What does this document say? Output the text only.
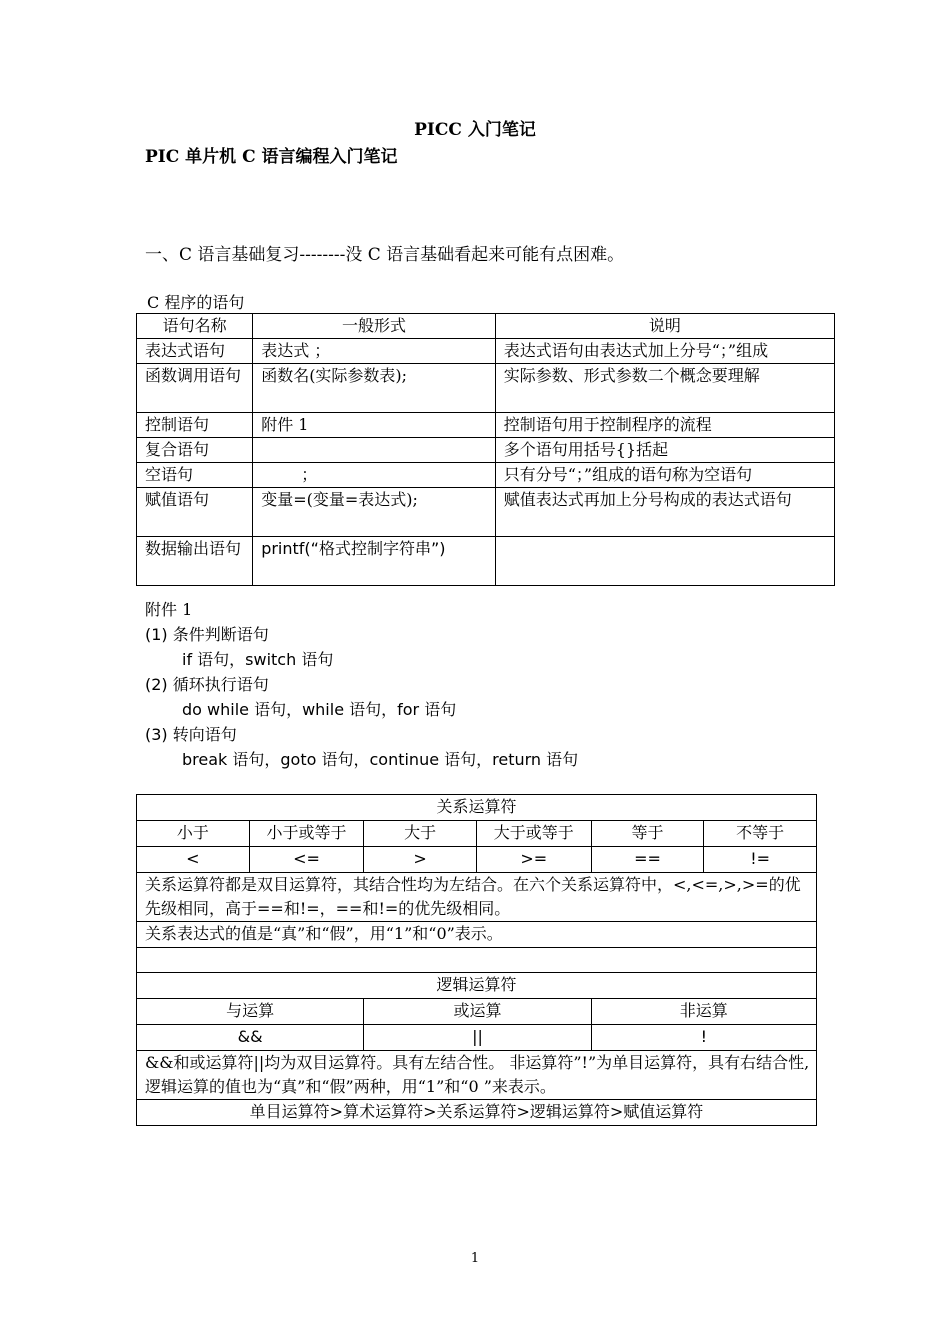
PICC 入门笔记
PIC 单片机 C 语言编程入门笔记
一、C 语言基础复习--------没 C 语言基础看起来可能有点困难。
C 程序的语句
语句名称	一般形式	说明
表达式语句	表达式 ；	表达式语句由表达式加上分号“；”组成
函数调用语句	函数名(实际参数表);	实际参数、形式参数二个概念要理解
控制语句	附件 1	控制语句用于控制程序的流程
复合语句		多个语句用括号{}括起
空语句	；	只有分号“；”组成的语句称为空语句
赋值语句	变量=(变量=表达式);	赋值表达式再加上分号构成的表达式语句
数据输出语句	printf(“格式控制字符串”)	
附件 1
(1) 条件判断语句
if 语句，switch 语句
(2) 循环执行语句
do while 语句，while 语句，for 语句
(3) 转向语句
break 语句，goto 语句，continue 语句，return 语句
关系运算符					
小于	小于或等于	大于	大于或等于	等于	不等于
<	<=	>	>=	==	!=
关系运算符都是双目运算符，其结合性均为左结合。在六个关系运算符中，<,<=,>,>=的优先级相同，高于==和!=，==和!=的优先级相同。					
关系表达式的值是“真”和“假”，用“1”和“0”表示。					

逻辑运算符					
与运算		或运算		非运算	
&&		||		!	
&&和或运算符||均为双目运算符。具有左结合性。 非运算符”!”为单目运算符，具有右结合性,逻辑运算的值也为“真”和“假”两种，用“1”和“0 ”来表示。					
单目运算符>算术运算符>关系运算符>逻辑运算符>赋值运算符					
1
